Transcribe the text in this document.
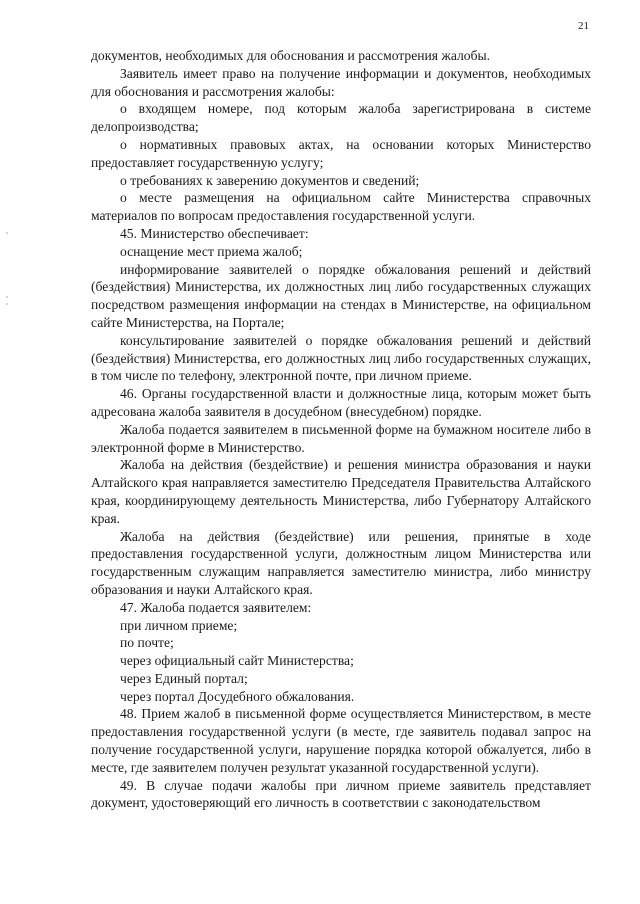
21

документов, необходимых для обоснования и рассмотрения жалобы.

Заявитель имеет право на получение информации и документов, необходимых для обоснования и рассмотрения жалобы:

о входящем номере, под которым жалоба зарегистрирована в системе делопроизводства;

о нормативных правовых актах, на основании которых Министерство предоставляет государственную услугу;

о требованиях к заверению документов и сведений;

о месте размещения на официальном сайте Министерства справочных материалов по вопросам предоставления государственной услуги.

45. Министерство обеспечивает:

оснащение мест приема жалоб;

информирование заявителей о порядке обжалования решений и действий (бездействия) Министерства, их должностных лиц либо государственных служащих посредством размещения информации на стендах в Министерстве, на официальном сайте Министерства, на Портале;

консультирование заявителей о порядке обжалования решений и действий (бездействия) Министерства, его должностных лиц либо государственных служащих, в том числе по телефону, электронной почте, при личном приеме.

46. Органы государственной власти и должностные лица, которым может быть адресована жалоба заявителя в досудебном (внесудебном) порядке.

Жалоба подается заявителем в письменной форме на бумажном носителе либо в электронной форме в Министерство.

Жалоба на действия (бездействие) и решения министра образования и науки Алтайского края направляется заместителю Председателя Правительства Алтайского края, координирующему деятельность Министерства, либо Губернатору Алтайского края.

Жалоба на действия (бездействие) или решения, принятые в ходе предоставления государственной услуги, должностным лицом Министерства или государственным служащим направляется заместителю министра, либо министру образования и науки Алтайского края.

47. Жалоба подается заявителем:

при личном приеме;

по почте;

через официальный сайт Министерства;

через Единый портал;

через портал Досудебного обжалования.

48. Прием жалоб в письменной форме осуществляется Министерством, в месте предоставления государственной услуги (в месте, где заявитель подавал запрос на получение государственной услуги, нарушение порядка которой обжалуется, либо в месте, где заявителем получен результат указанной государственной услуги).

49. В случае подачи жалобы при личном приеме заявитель представляет документ, удостоверяющий его личность в соответствии с законодательством
